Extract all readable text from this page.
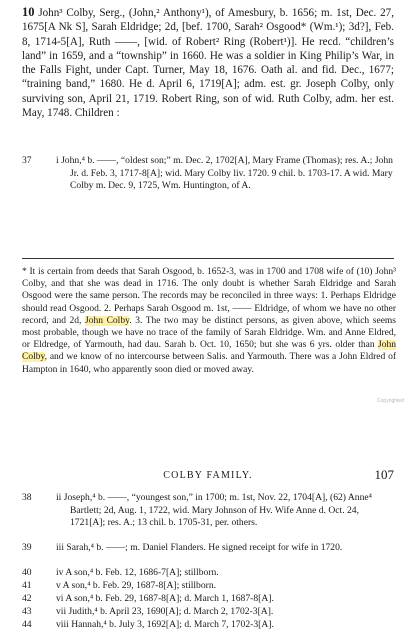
10 John³ Colby, Serg., (John,² Anthony¹), of Amesbury, b. 1656; m. 1st, Dec. 27, 1675[A Nk S], Sarah Eldridge; 2d, [bef. 1700, Sarah² Osgood* (Wm.¹); 3d?], Feb. 8, 1714-5[A], Ruth ——, [wid. of Robert² Ring (Robert¹)]. He recd. “children’s land” in 1659, and a “township” in 1660. He was a soldier in King Philip’s War, in the Falls Fight, under Capt. Turner, May 18, 1676. Oath al. and fid. Dec., 1677; “training band,” 1680. He d. April 6, 1719[A]; adm. est. gr. Joseph Colby, only surviving son, April 21, 1719. Robert Ring, son of wid. Ruth Colby, adm. her est. May, 1748. Children :
37	i John,⁴ b. ——, “oldest son;” m. Dec. 2, 1702[A], Mary Frame (Thomas); res. A.; John Jr. d. Feb. 3, 1717-8[A]; wid. Mary Colby liv. 1720. 9 chil. b. 1703-17. A wid. Mary Colby m. Dec. 9, 1725, Wm. Huntington, of A.
* It is certain from deeds that Sarah Osgood, b. 1652-3, was in 1700 and 1708 wife of (10) John³ Colby, and that she was dead in 1716. The only doubt is whether Sarah Eldridge and Sarah Osgood were the same person. The records may be reconciled in three ways: 1. Perhaps Eldridge should read Osgood. 2. Perhaps Sarah Osgood m. 1st, —— Eldridge, of whom we have no other record, and 2d, John Colby. 3. The two may be distinct persons, as given above, which seems most probable, though we have no trace of the family of Sarah Eldridge. Wm. and Anne Eldred, or Eldredge, of Yarmouth, had dau. Sarah b. Oct. 10, 1650; but she was 6 yrs. older than John Colby, and we know of no intercourse between Salis. and Yarmouth. There was a John Eldred of Hampton in 1640, who apparently soon died or moved away.
Copyrighted
COLBY FAMILY.	107
38	ii Joseph,⁴ b. ——, “youngest son,” in 1700; m. 1st, Nov. 22, 1704[A], (62) Anne⁴ Bartlett; 2d, Aug. 1, 1722, wid. Mary Johnson of Hv. Wife Anne d. Oct. 24, 1721[A]; res. A.; 13 chil. b. 1705-31, per. others.
39	iii Sarah,⁴ b. ——; m. Daniel Flanders. He signed receipt for wife in 1720.
40	iv A son,⁴ b. Feb. 12, 1686-7[A]; stillborn.
41	v A son,⁴ b. Feb. 29, 1687-8[A]; stillborn.
42	vi A son,⁴ b. Feb. 29, 1687-8[A]; d. March 1, 1687-8[A].
43	vii Judith,⁴ b. April 23, 1690[A]; d. March 2, 1702-3[A].
44	viii Hannah,⁴ b. July 3, 1692[A]; d. March 7, 1702-3[A].
